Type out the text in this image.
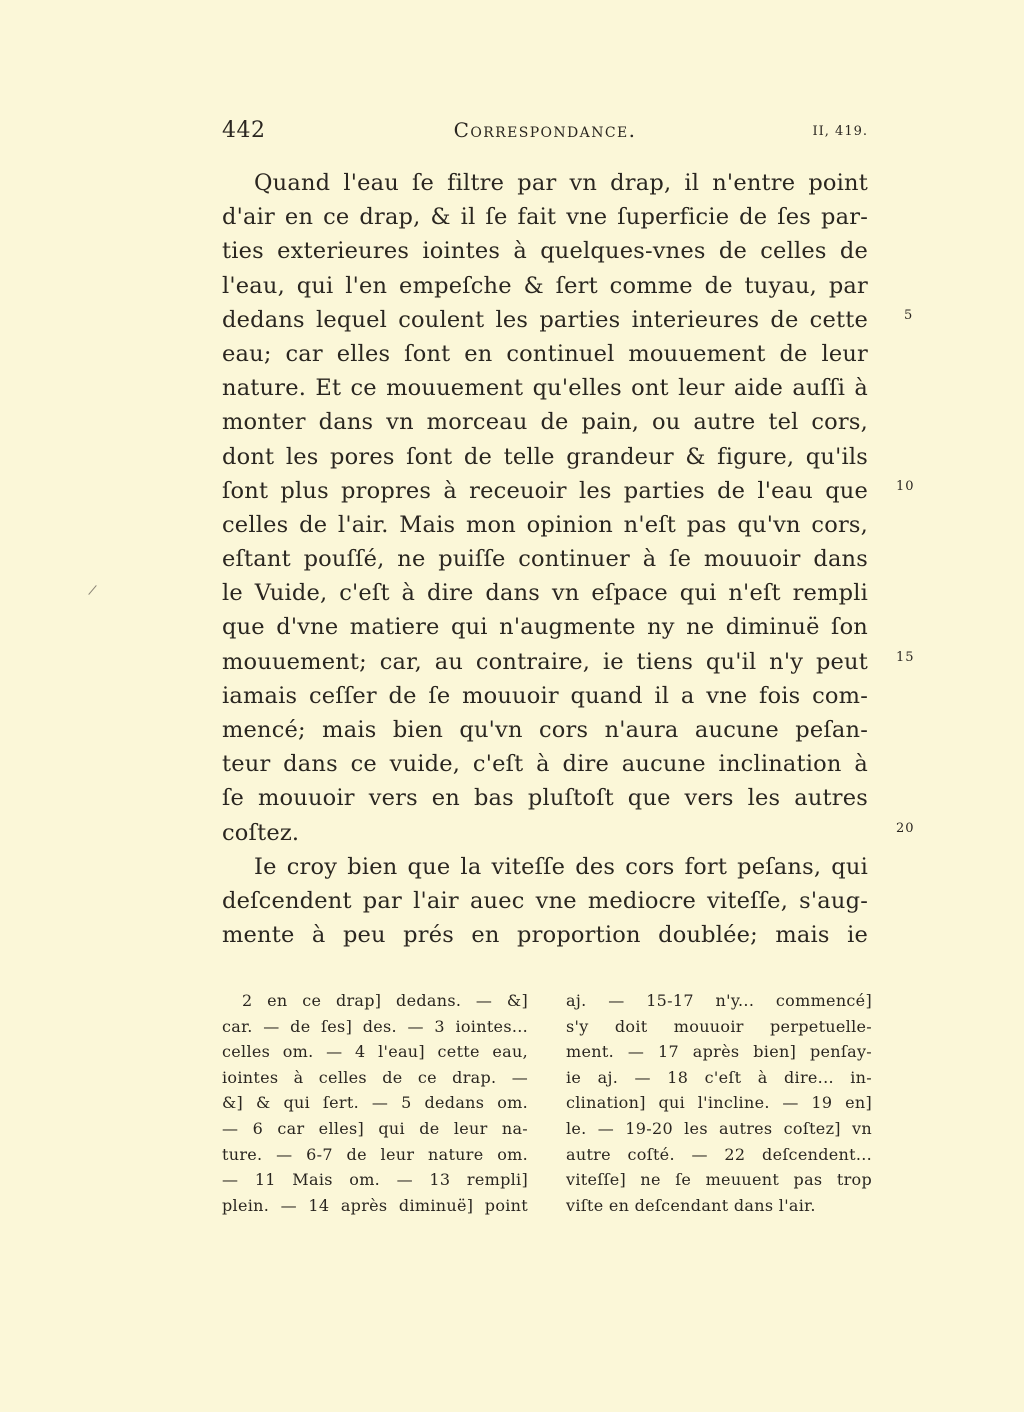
442	Correspondance.	II, 419.
Quand l'eau ſe filtre par vn drap, il n'entre point
d'air en ce drap, & il ſe fait vne ſuperficie de ſes par-
ties exterieures iointes à quelques-vnes de celles de
l'eau, qui l'en empeſche & ſert comme de tuyau, par
dedans lequel coulent les parties interieures de cette
eau; car elles ſont en continuel mouuement de leur
nature. Et ce mouuement qu'elles ont leur aide auſſi à
monter dans vn morceau de pain, ou autre tel cors,
dont les pores ſont de telle grandeur & figure, qu'ils
ſont plus propres à receuoir les parties de l'eau que
celles de l'air. Mais mon opinion n'eſt pas qu'vn cors,
eſtant pouſſé, ne puiſſe continuer à ſe mouuoir dans
le Vuide, c'eſt à dire dans vn eſpace qui n'eſt rempli
que d'vne matiere qui n'augmente ny ne diminuë ſon
mouuement; car, au contraire, ie tiens qu'il n'y peut
iamais ceſſer de ſe mouuoir quand il a vne fois com-
mencé; mais bien qu'vn cors n'aura aucune peſan-
teur dans ce vuide, c'eſt à dire aucune inclination à
ſe mouuoir vers en bas pluſtoſt que vers les autres
coſtez.
Ie croy bien que la viteſſe des cors fort peſans, qui
deſcendent par l'air auec vne mediocre viteſſe, s'aug-
mente à peu prés en proportion doublée; mais ie
5
10
15
20
2 en ce drap] dedans. — &]
car. — de ſes] des. — 3 iointes...
celles om. — 4 l'eau] cette eau,
iointes à celles de ce drap. —
&] & qui ſert. — 5 dedans om.
— 6 car elles] qui de leur na-
ture. — 6-7 de leur nature om.
— 11 Mais om. — 13 rempli]
plein. — 14 après diminuë] point
aj. — 15-17 n'y... commencé]
s'y doit mouuoir perpetuelle-
ment. — 17 après bien] penſay-
ie aj. — 18 c'eſt à dire... in-
clination] qui l'incline. — 19 en]
le. — 19-20 les autres coſtez] vn
autre coſté. — 22 deſcendent...
viteſſe] ne ſe meuuent pas trop
viſte en deſcendant dans l'air.
